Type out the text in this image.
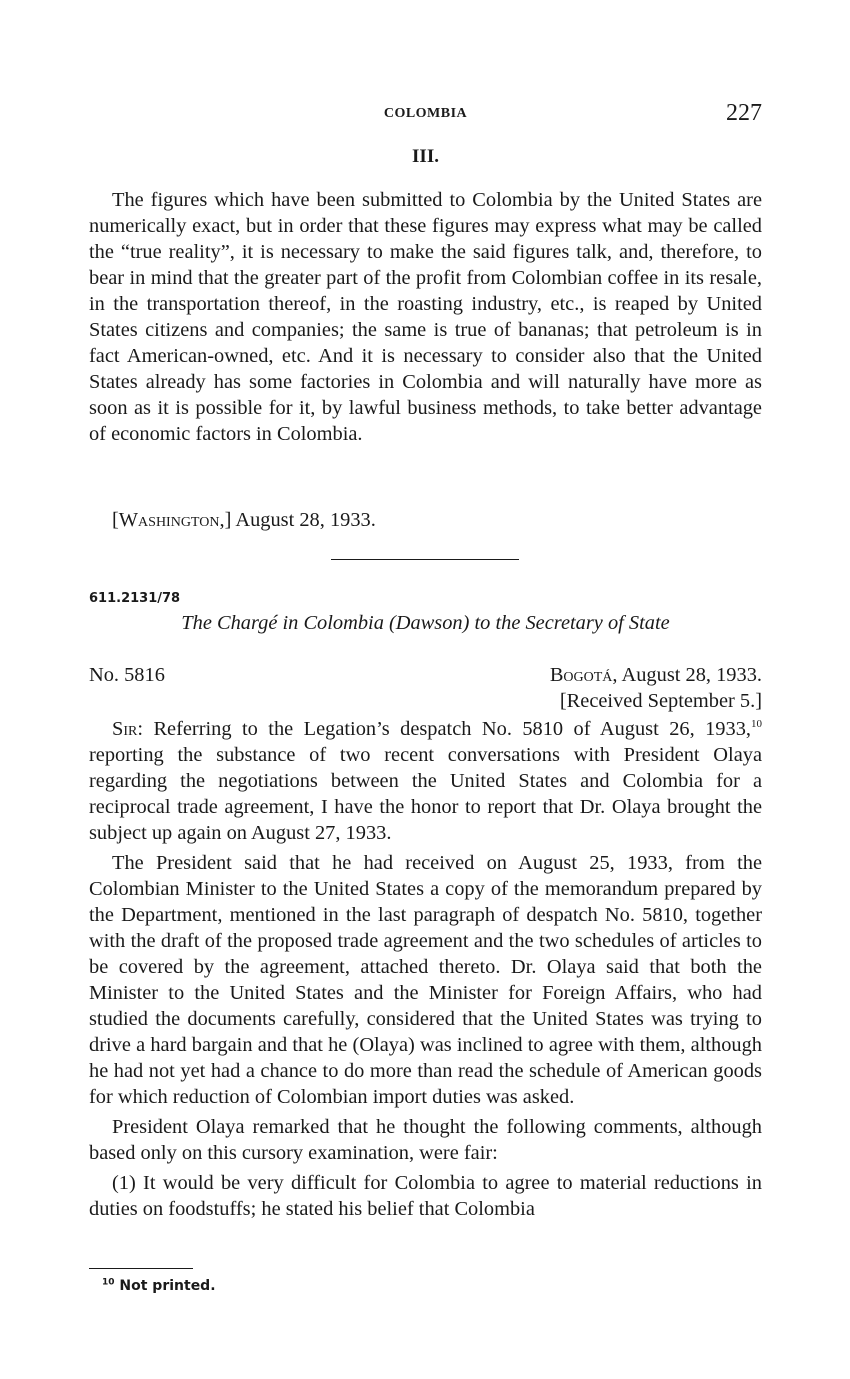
COLOMBIA	227
III.

The figures which have been submitted to Colombia by the United States are numerically exact, but in order that these figures may express what may be called the “true reality”, it is necessary to make the said figures talk, and, therefore, to bear in mind that the greater part of the profit from Colombian coffee in its resale, in the transportation thereof, in the roasting industry, etc., is reaped by United States citizens and companies; the same is true of bananas; that petroleum is in fact American-owned, etc. And it is necessary to consider also that the United States already has some factories in Colombia and will naturally have more as soon as it is possible for it, by lawful business methods, to take better advantage of economic factors in Colombia.

[Washington,] August 28, 1933.
611.2131/78
The Chargé in Colombia (Dawson) to the Secretary of State
No. 5816	Bogotá, August 28, 1933.
[Received September 5.]

Sir: Referring to the Legation’s despatch No. 5810 of August 26, 1933,10 reporting the substance of two recent conversations with President Olaya regarding the negotiations between the United States and Colombia for a reciprocal trade agreement, I have the honor to report that Dr. Olaya brought the subject up again on August 27, 1933.

The President said that he had received on August 25, 1933, from the Colombian Minister to the United States a copy of the memorandum prepared by the Department, mentioned in the last paragraph of despatch No. 5810, together with the draft of the proposed trade agreement and the two schedules of articles to be covered by the agreement, attached thereto. Dr. Olaya said that both the Minister to the United States and the Minister for Foreign Affairs, who had studied the documents carefully, considered that the United States was trying to drive a hard bargain and that he (Olaya) was inclined to agree with them, although he had not yet had a chance to do more than read the schedule of American goods for which reduction of Colombian import duties was asked.

President Olaya remarked that he thought the following comments, although based only on this cursory examination, were fair:

(1) It would be very difficult for Colombia to agree to material reductions in duties on foodstuffs; he stated his belief that Colombia

$^{10}$ Not printed.
